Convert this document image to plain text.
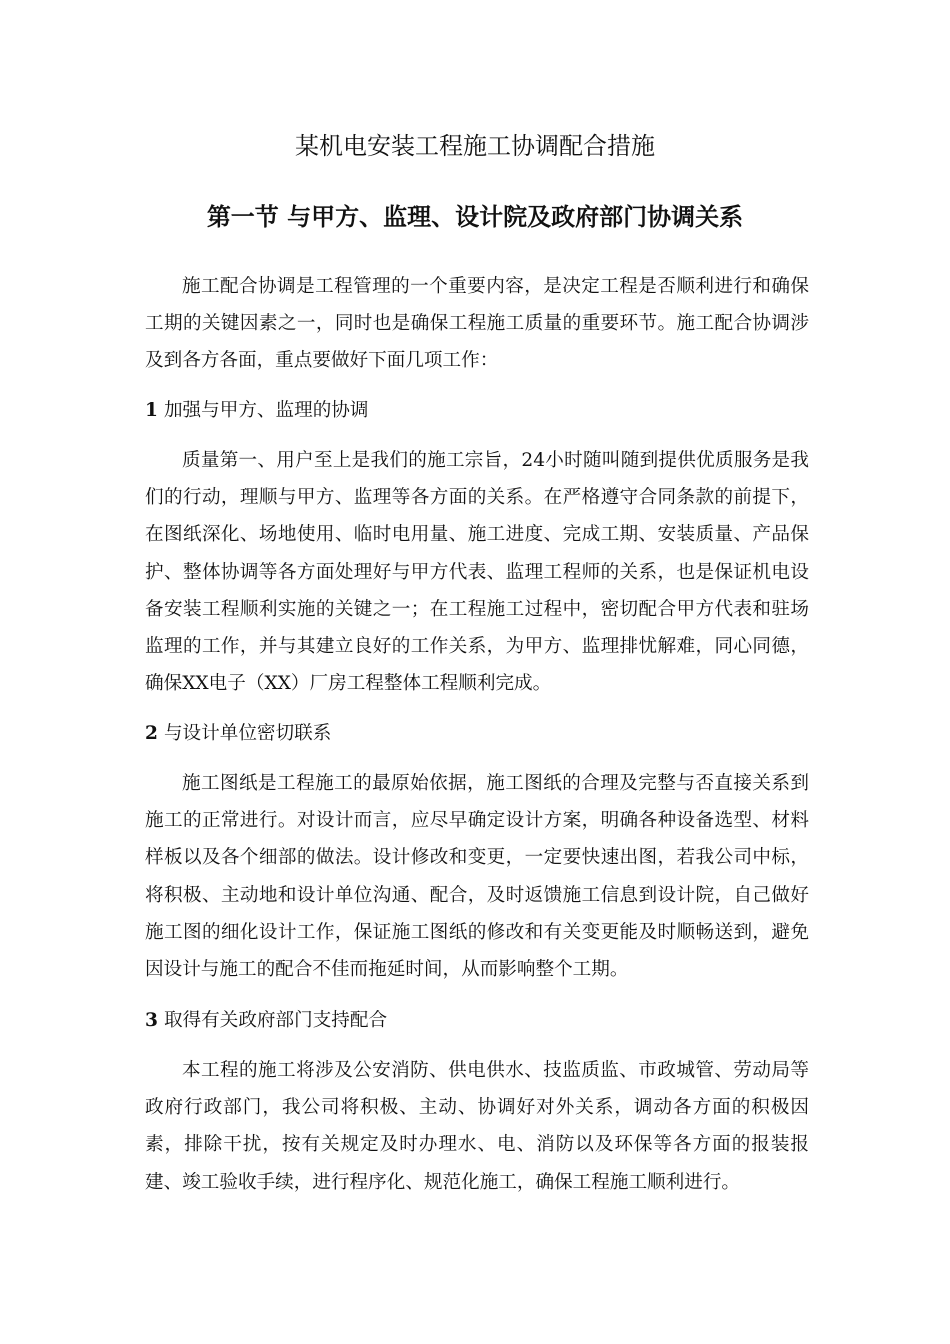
某机电安装工程施工协调配合措施
第一节 与甲方、监理、设计院及政府部门协调关系

施工配合协调是工程管理的一个重要内容，是决定工程是否顺利进行和确保工期的关键因素之一，同时也是确保工程施工质量的重要环节。施工配合协调涉及到各方各面，重点要做好下面几项工作：

1 加强与甲方、监理的协调

质量第一、用户至上是我们的施工宗旨，24小时随叫随到提供优质服务是我们的行动，理顺与甲方、监理等各方面的关系。在严格遵守合同条款的前提下，在图纸深化、场地使用、临时电用量、施工进度、完成工期、安装质量、产品保护、整体协调等各方面处理好与甲方代表、监理工程师的关系，也是保证机电设备安装工程顺利实施的关键之一；在工程施工过程中，密切配合甲方代表和驻场监理的工作，并与其建立良好的工作关系，为甲方、监理排忧解难，同心同德，确保XX电子（XX）厂房工程整体工程顺利完成。

2 与设计单位密切联系

施工图纸是工程施工的最原始依据，施工图纸的合理及完整与否直接关系到施工的正常进行。对设计而言，应尽早确定设计方案，明确各种设备选型、材料样板以及各个细部的做法。设计修改和变更，一定要快速出图，若我公司中标，将积极、主动地和设计单位沟通、配合，及时返馈施工信息到设计院，自己做好施工图的细化设计工作，保证施工图纸的修改和有关变更能及时顺畅送到，避免因设计与施工的配合不佳而拖延时间，从而影响整个工期。

3 取得有关政府部门支持配合

本工程的施工将涉及公安消防、供电供水、技监质监、市政城管、劳动局等政府行政部门，我公司将积极、主动、协调好对外关系，调动各方面的积极因素，排除干扰，按有关规定及时办理水、电、消防以及环保等各方面的报装报建、竣工验收手续，进行程序化、规范化施工，确保工程施工顺利进行。
